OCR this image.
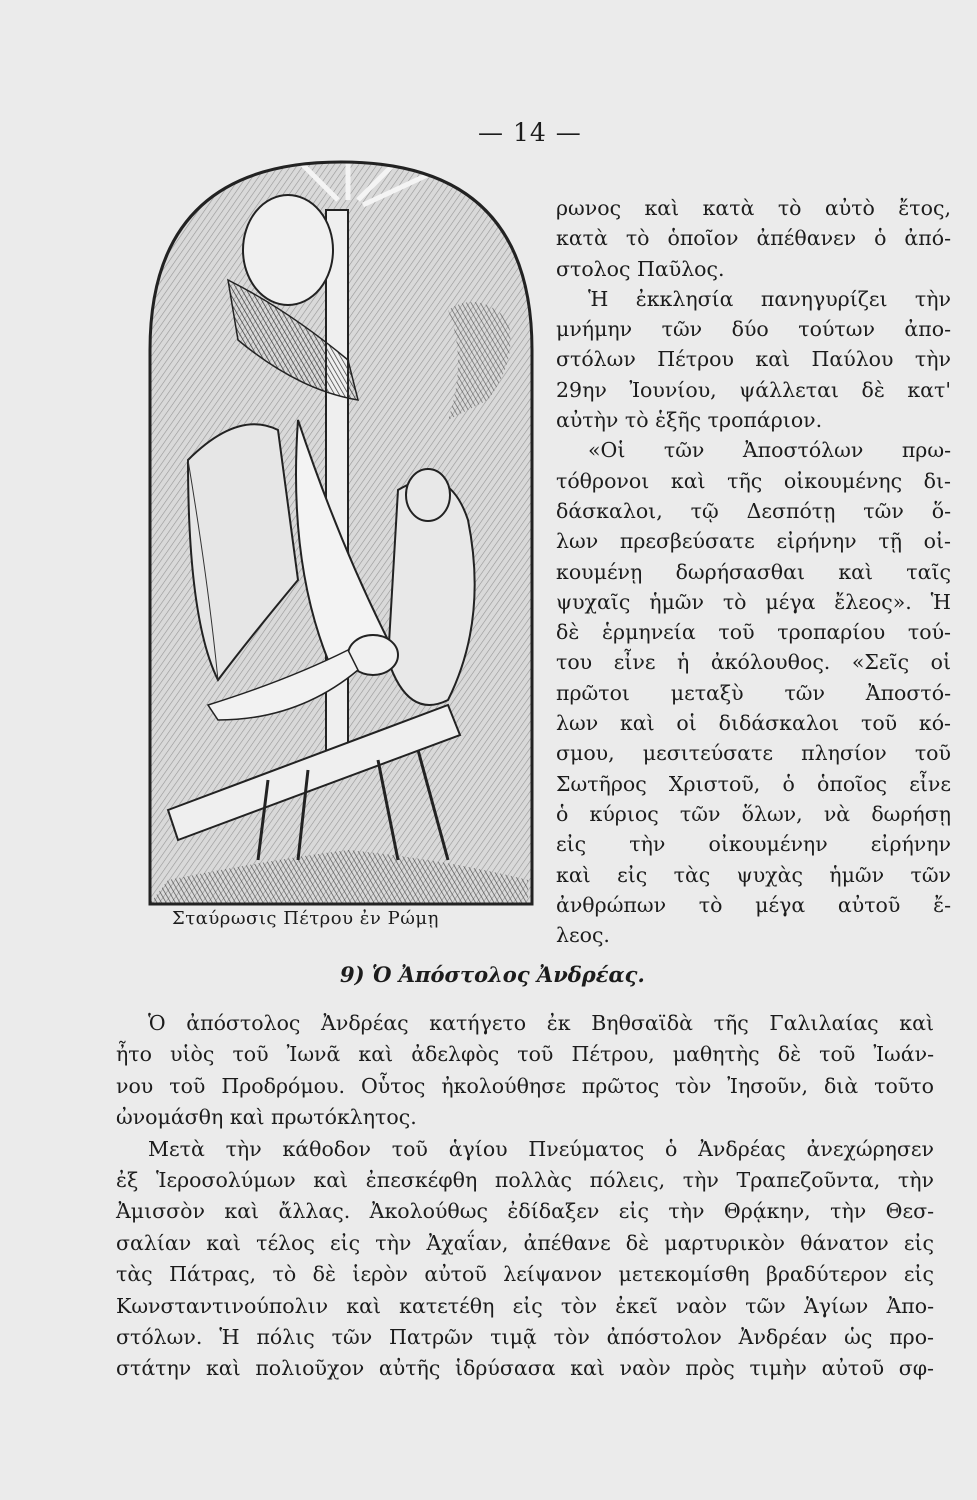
— 14 —
Σταύρωσις Πέτρου ἐν Ρώμῃ
ρωνος καὶ κατὰ τὸ αὐτὸ ἔτος,
κατὰ τὸ ὁποῖον ἀπέθανεν ὁ ἀπό-
στολος Παῦλος.
Ἡ ἐκκλησία πανηγυρίζει τὴν
μνήμην τῶν δύο τούτων ἀπο-
στόλων Πέτρου καὶ Παύλου τὴν
29ην Ἰουνίου, ψάλλεται δὲ κατ'
αὐτὴν τὸ ἑξῆς τροπάριον.
«Οἱ τῶν Ἀποστόλων πρω-
τόθρονοι καὶ τῆς οἰκουμένης δι-
δάσκαλοι, τῷ Δεσπότῃ τῶν ὅ-
λων πρεσβεύσατε εἰρήνην τῇ οἰ-
κουμένῃ δωρήσασθαι καὶ ταῖς
ψυχαῖς ἡμῶν τὸ μέγα ἔλεος». Ἡ
δὲ ἑρμηνεία τοῦ τροπαρίου τού-
του εἶνε ἡ ἀκόλουθος. «Σεῖς οἱ
πρῶτοι μεταξὺ τῶν Ἀποστό-
λων καὶ οἱ διδάσκαλοι τοῦ κό-
σμου, μεσιτεύσατε πλησίον τοῦ
Σωτῆρος Χριστοῦ, ὁ ὁποῖος εἶνε
ὁ κύριος τῶν ὅλων, νὰ δωρήσῃ
εἰς τὴν οἰκουμένην εἰρήνην
καὶ εἰς τὰς ψυχὰς ἡμῶν τῶν
ἀνθρώπων τὸ μέγα αὐτοῦ ἔ-
λεος.
9) Ὁ Ἀπόστολος Ἀνδρέας.
Ὁ ἀπόστολος Ἀνδρέας κατήγετο ἐκ Βηθσαϊδὰ τῆς Γαλιλαίας καὶ
ἦτο υἱὸς τοῦ Ἰωνᾶ καὶ ἀδελφὸς τοῦ Πέτρου, μαθητὴς δὲ τοῦ Ἰωάν-
νου τοῦ Προδρόμου. Οὗτος ἠκολούθησε πρῶτος τὸν Ἰησοῦν, διὰ τοῦτο
ὠνομάσθη καὶ πρωτόκλητος.
Μετὰ τὴν κάθοδον τοῦ ἁγίου Πνεύματος ὁ Ἀνδρέας ἀνεχώρησεν
ἐξ Ἱεροσολύμων καὶ ἐπεσκέφθη πολλὰς πόλεις, τὴν Τραπεζοῦντα, τὴν
Ἀμισσὸν καὶ ἄλλας. Ἀκολούθως ἐδίδαξεν εἰς τὴν Θρᾴκην, τὴν Θεσ-
σαλίαν καὶ τέλος εἰς τὴν Ἀχαΐαν, ἀπέθανε δὲ μαρτυρικὸν θάνατον εἰς
τὰς Πάτρας, τὸ δὲ ἱερὸν αὐτοῦ λείψανον μετεκομίσθη βραδύτερον εἰς
Κωνσταντινούπολιν καὶ κατετέθη εἰς τὸν ἐκεῖ ναὸν τῶν Ἁγίων Ἀπο-
στόλων. Ἡ πόλις τῶν Πατρῶν τιμᾷ τὸν ἀπόστολον Ἀνδρέαν ὡς προ-
στάτην καὶ πολιοῦχον αὐτῆς ἱδρύσασα καὶ ναὸν πρὸς τιμὴν αὐτοῦ σφ-
